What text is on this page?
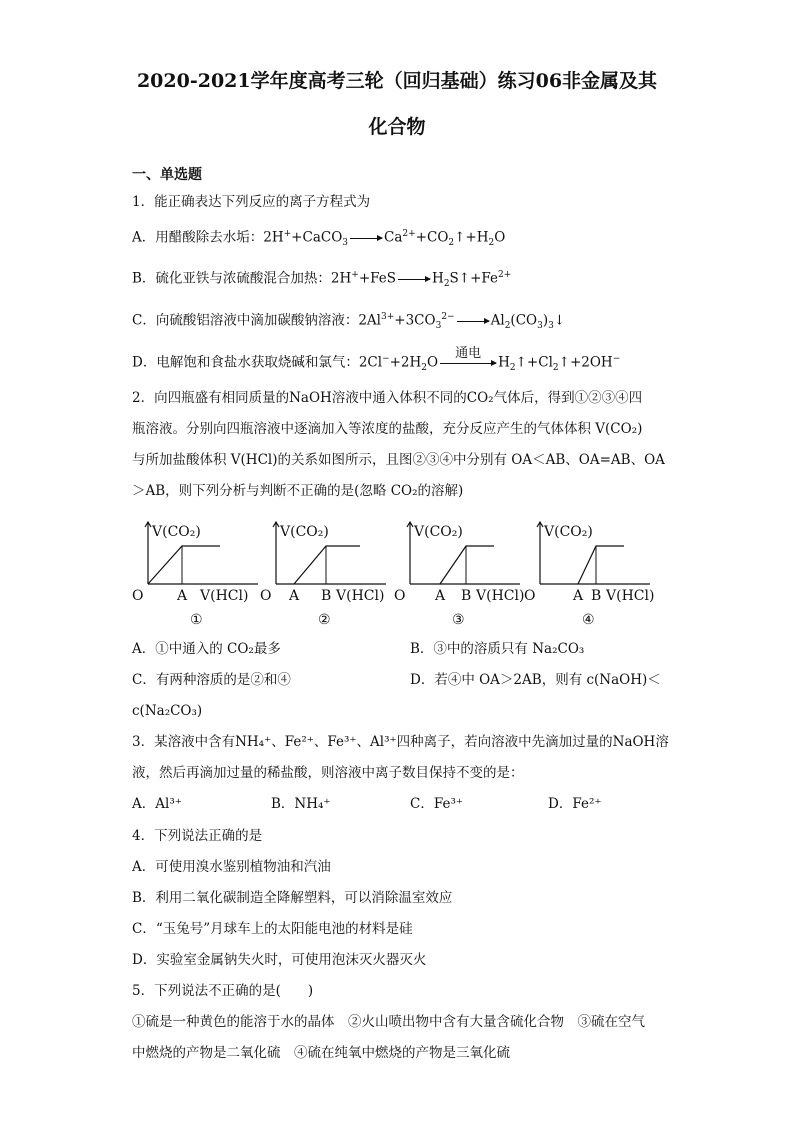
2020-2021学年度高考三轮（回归基础）练习06非金属及其
化合物
一、单选题
1．能正确表达下列反应的离子方程式为
A．用醋酸除去水垢：2H++CaCO$_3$ → $Ca^{2+}+CO_2↑+H_2O$
B．硫化亚铁与浓硫酸混合加热：$2H^++FeS \to H_2S↑+Fe^{2+}$
C．向硫酸铝溶液中滴加碳酸钠溶液：$2Al^{3+}+3CO_3^{2-}$ → $Al_2(CO_3)_3↓$
D．电解饱和食盐水获取烧碱和氯气：$2Cl^-+2H_2O$
通电
$H_2↑+Cl_2↑+2OH^-$
2．向四瓶盛有相同质量的NaOH溶液中通入体积不同的CO₂气体后，得到①②③④四
瓶溶液。分别向四瓶溶液中逐滴加入等浓度的盐酸，充分反应产生的气体体积 V(CO₂)
与所加盐酸体积 V(HCl)的关系如图所示，且图②③④中分别有 OA＜AB、OA=AB、OA
＞AB，则下列分析与判断不正确的是(忽略 CO₂的溶解)
V(CO₂)
O A V(HCl)
①
V(CO₂)
O A B V(HCl)
②
V(CO₂)
O A B V(HCl)
③
V(CO₂)
O	A B V(HCl)
④
A．①中通入的 CO₂最多	B．③中的溶质只有 Na₂CO₃
C．有两种溶质的是②和④	D．若④中 OA＞2AB，则有 c(NaOH)＜
c(Na₂CO₃)
3．某溶液中含有NH₄⁺、Fe²⁺、Fe³⁺、Al³⁺四种离子，若向溶液中先滴加过量的NaOH溶
液，然后再滴加过量的稀盐酸，则溶液中离子数目保持不变的是：
A．Al³⁺	B．NH₄⁺	C．Fe³⁺	D．Fe²⁺
4．下列说法正确的是
A．可使用溴水鉴别植物油和汽油
B．利用二氧化碳制造全降解塑料，可以消除温室效应
C．“玉兔号”月球车上的太阳能电池的材料是硅
D．实验室金属钠失火时，可使用泡沫灭火器灭火
5．下列说法不正确的是(　　)
①硫是一种黄色的能溶于水的晶体　②火山喷出物中含有大量含硫化合物　③硫在空气
中燃烧的产物是二氧化硫　④硫在纯氧中燃烧的产物是三氧化硫
